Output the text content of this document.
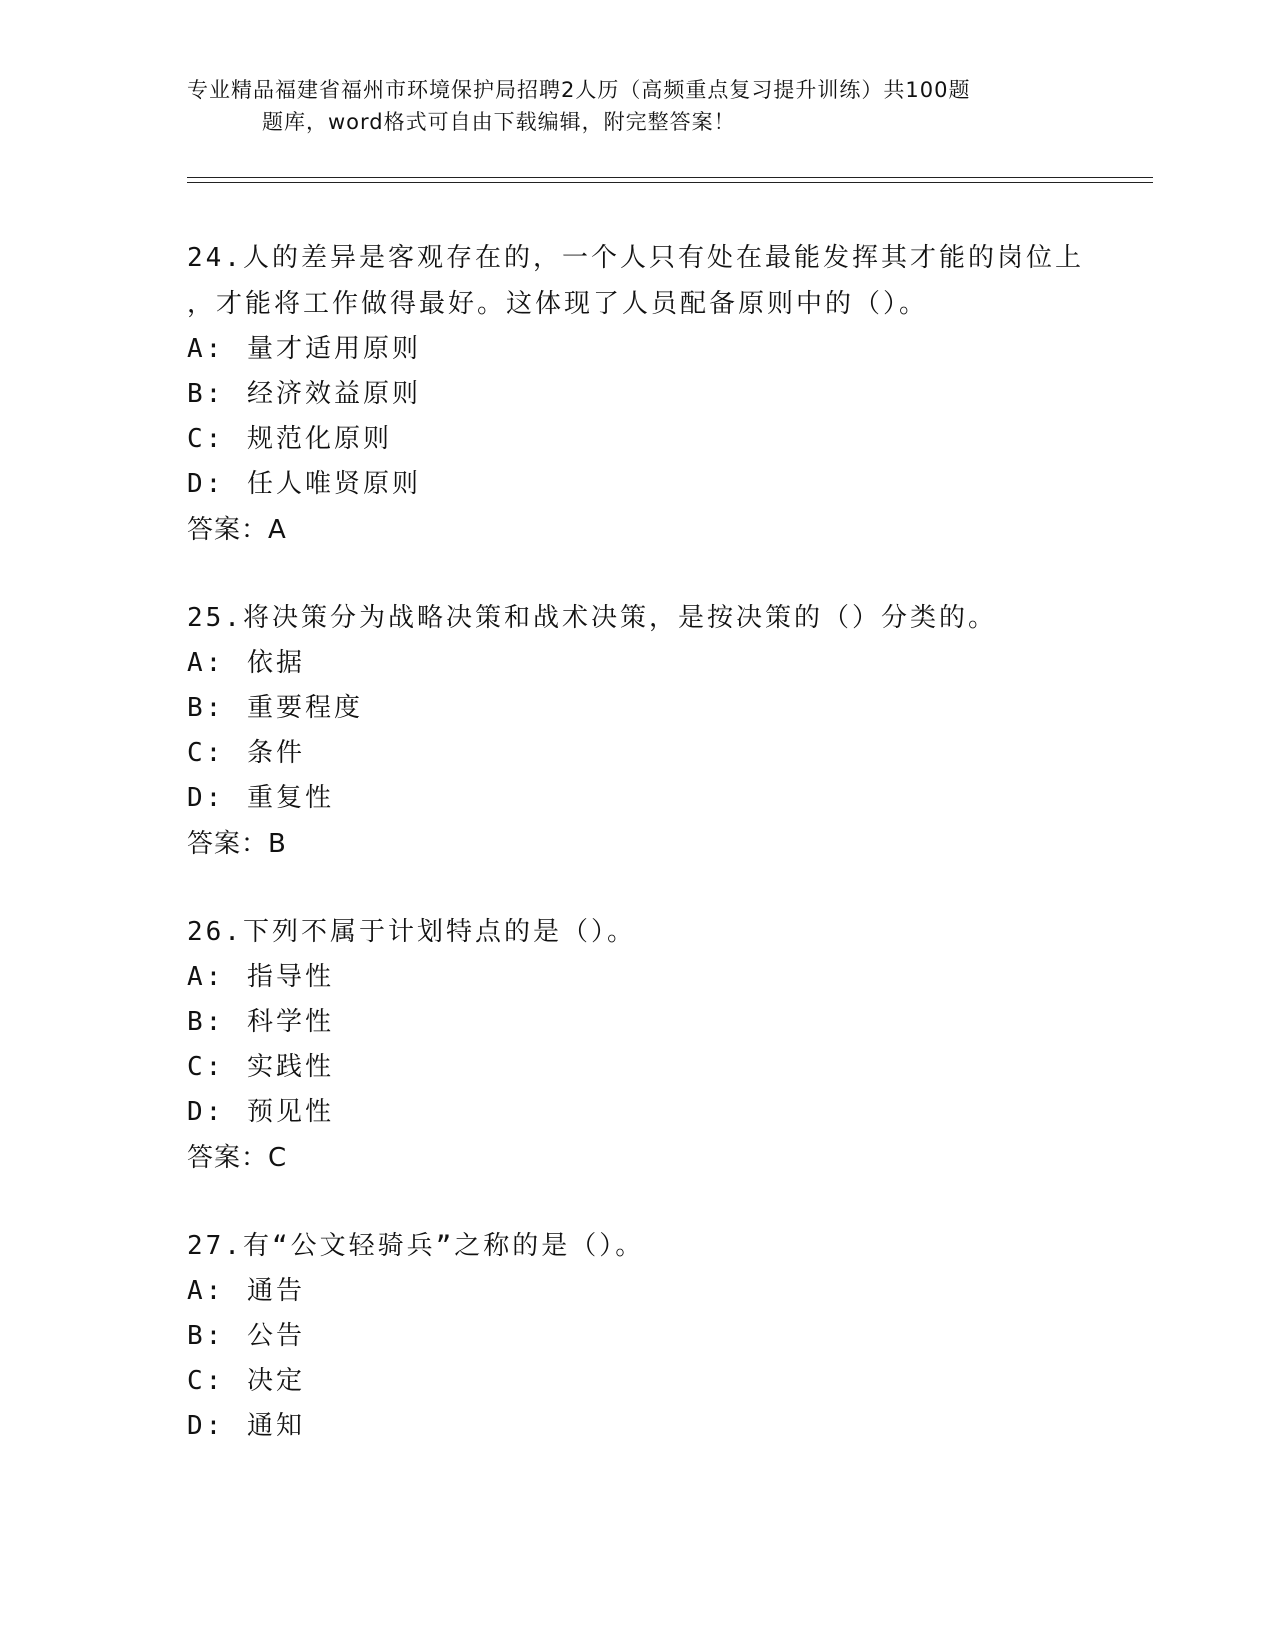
专业精品福建省福州市环境保护局招聘2人历（高频重点复习提升训练）共100题
题库，word格式可自由下载编辑，附完整答案！
24.人的差异是客观存在的，一个人只有处在最能发挥其才能的岗位上
，才能将工作做得最好。这体现了人员配备原则中的（）。
A: 量才适用原则
B: 经济效益原则
C: 规范化原则
D: 任人唯贤原则
答案：A
25.将决策分为战略决策和战术决策，是按决策的（）分类的。
A: 依据
B: 重要程度
C: 条件
D: 重复性
答案：B
26.下列不属于计划特点的是（）。
A: 指导性
B: 科学性
C: 实践性
D: 预见性
答案：C
27.有“公文轻骑兵”之称的是（）。
A: 通告
B: 公告
C: 决定
D: 通知
